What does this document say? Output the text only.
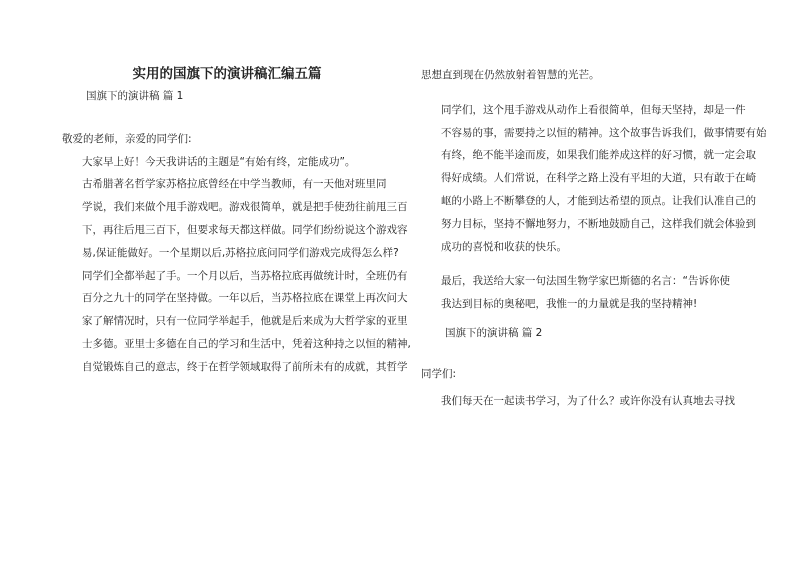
实用的国旗下的演讲稿汇编五篇

国旗下的演讲稿 篇 1

敬爱的老师，亲爱的同学们:

大家早上好！今天我讲话的主题是“有始有终，定能成功”。

古希腊著名哲学家苏格拉底曾经在中学当教师，有一天他对班里同
学说，我们来做个甩手游戏吧。游戏很简单，就是把手使劲往前甩三百
下，再往后甩三百下，但要求每天都这样做。同学们纷纷说这个游戏容
易,保证能做好。一个星期以后,苏格拉底问同学们游戏完成得怎么样?
同学们全都举起了手。一个月以后，当苏格拉底再做统计时，全班仍有
百分之九十的同学在坚持做。一年以后，当苏格拉底在课堂上再次问大
家了解情况时，只有一位同学举起手，他就是后来成为大哲学家的亚里
士多德。亚里士多德在自己的学习和生活中，凭着这种持之以恒的精神,
自觉锻炼自己的意志，终于在哲学领域取得了前所未有的成就，其哲学

思想直到现在仍然放射着智慧的光芒。

同学们，这个甩手游戏从动作上看很简单，但每天坚持，却是一件
不容易的事，需要持之以恒的精神。这个故事告诉我们，做事情要有始
有终，绝不能半途而废，如果我们能养成这样的好习惯，就一定会取
得好成绩。人们常说，在科学之路上没有平坦的大道，只有敢于在崎
岖的小路上不断攀登的人，才能到达希望的顶点。让我们认准自己的
努力目标，坚持不懈地努力，不断地鼓励自己，这样我们就会体验到
成功的喜悦和收获的快乐。

最后，我送给大家一句法国生物学家巴斯德的名言：“告诉你使
我达到目标的奥秘吧，我惟一的力量就是我的坚持精神!

国旗下的演讲稿 篇 2

同学们:

我们每天在一起读书学习，为了什么？或许你没有认真地去寻找
